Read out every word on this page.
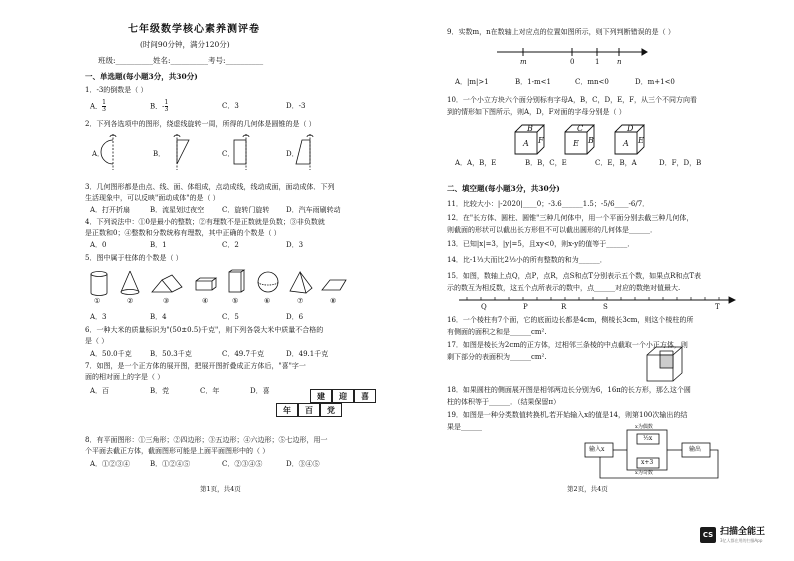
七年级数学核心素养测评卷
(时间90分钟，满分120分)
班级:__________姓名:__________考号:__________
一、单选题(每小题3分，共30分)
1．-3的倒数是（ ）
A．$\frac{1}{3}$	B．$-\frac{1}{3}$	C．3	D．-3
2．下列各选项中的图形，绕虚线旋转一周，所得的几何体是圆锥的是（ ）
A．	B．	C．	D．
3．几何图形都是由点、线、面、体组成，点动成线，线动成面，面动成体．下列
生活现象中，可以反映"面动成体"的是（ ）
A．打开折扇	B．流星划过夜空	C．旋转门旋转 D．汽车雨刷转动
4．下列说法中：①0是最小的整数；②有理数不是正数就是负数；③非负数就
是正数和0；④整数和分数统称有理数，其中正确的个数是（ ）
A．0	B．1	C．2	D．3
5．图中属于柱体的个数是（ ）
①	②	③	④	⑤	⑥	⑦	⑧
A．3	B．4	C．5	D．6
6．一种大米的质量标识为"(50±0.5)千克"，则下列各袋大米中质量不合格的
是（ ）
A．50.0千克	B．50.3千克	C．49.7千克	D．49.1千克
7．如图，是一个正方体的展开图，把展开图折叠成正方体后，"喜"字一
面的相对面上的字是（ ）
A．百	B．党	C．年	D．喜	建	迎	喜
年	百	党
8．有平面图形：①三角形；②四边形；③五边形；④六边形；⑤七边形，用一
个平面去截正方体，截面图形可能是上面平面图形中的（ ）
A．①②③④	B．①②④⑤	C．②③④⑤	D．③④⑤
第1页，共4页
9．实数m，n在数轴上对应点的位置如图所示，则下列判断错误的是（ ）
m	0	1	n
A．|m|>1	B．1-m<1	C．mn<0	D．m+1<0
10．一个小立方块六个面分别标有字母A，B，C，D，E，F，从三个不同方向看
到的情形如下图所示，则A，D，F对面的字母分别是（ ）
B
A F
C
E B
D
A E
A．A，B，E	B．B，C，E	C．E，B，A	D．F，D，B
二、填空题(每小题3分，共30分)
11．比较大小：|-2020|____0；-3.6______1.5；-5/6____-6/7．
12．在"长方体、圆柱、圆锥"三种几何体中，用一个平面分别去截三种几何体，
则截面的形状可以截出长方形但不可以截出圆形的几何体是______．
13．已知|x|=3，|y|=5，且xy<0，则x-y的值等于______．
14．比-1⅓大而比2⅓小的所有整数的和为______．
15．如图，数轴上点Q，点P，点R，点S和点T分别表示五个数，如果点R和点T表
示的数互为相反数，这五个点所表示的数中，点______对应的数绝对值最大.
Q	P	R	S	T
16．一个棱柱有7个面，它的底面边长都是4cm，侧棱长3cm，则这个棱柱的所
有侧面的面积之和是______cm².
17．如图是棱长为2cm的正方体，过相邻三条棱的中点截取一个小正方体，则
剩下部分的表面积为______cm².
18．如果圆柱的侧面展开图是相邻两边长分别为6，16π的长方形，那么这个圆
柱的体积等于______．（结果保留π）
19．如图是一种分类数值转换机,若开始输入x的值是14，则第100次输出的结
果是______
输入x	输出
½x
x+3
x为偶数
x为奇数
第2页，共4页
CS 扫描全能王
3亿人都在用的扫描App
